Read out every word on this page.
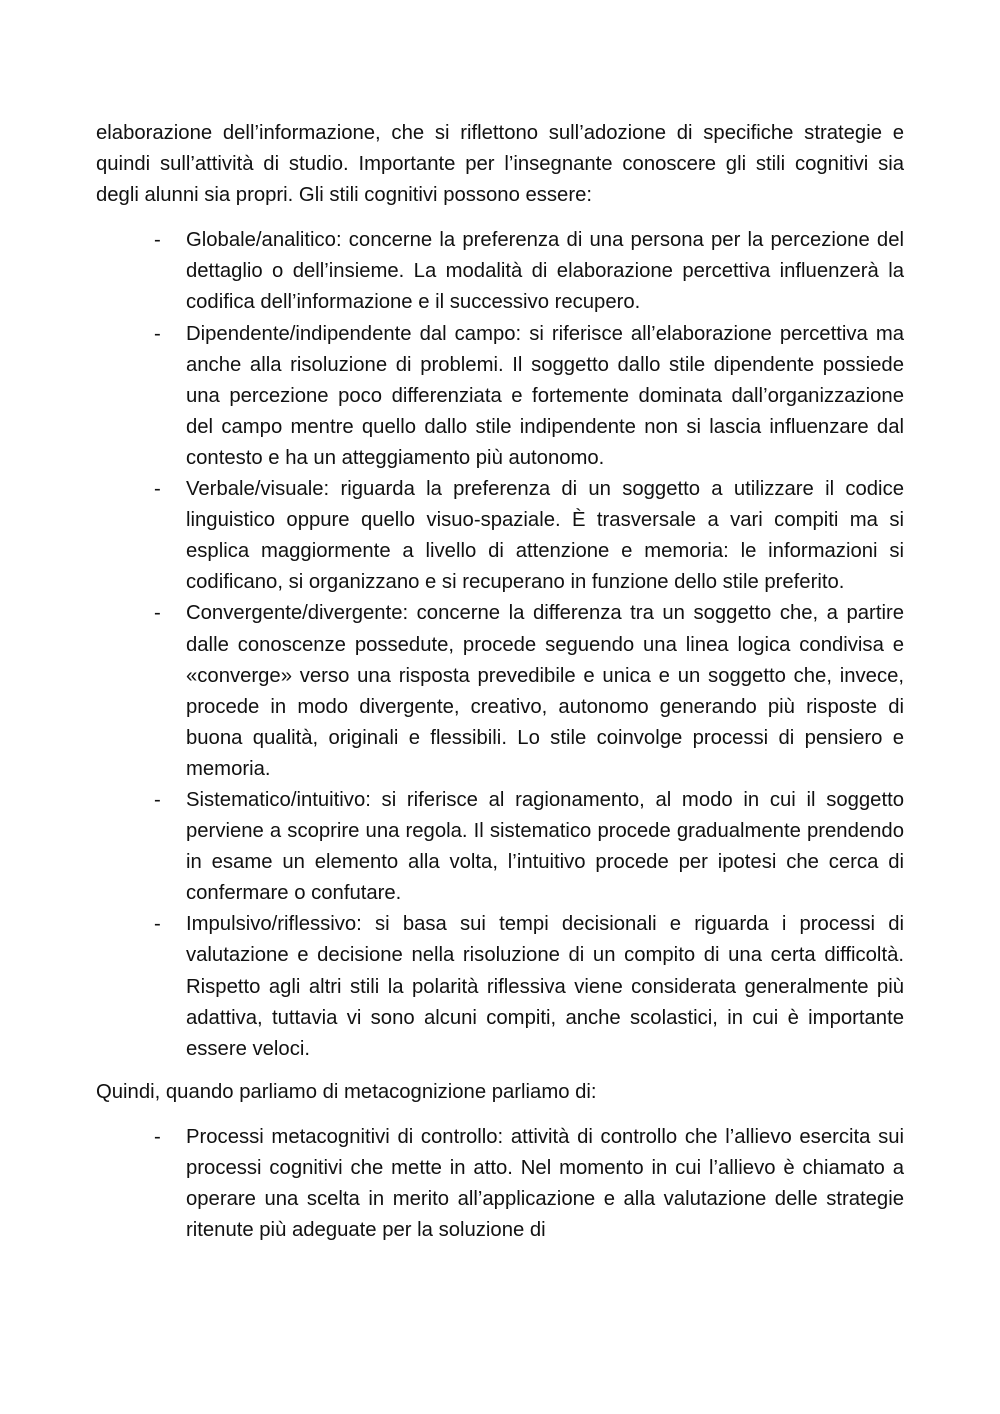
elaborazione dell’informazione, che si riflettono sull’adozione di specifiche strategie e quindi sull’attività di studio. Importante per l’insegnante conoscere gli stili cognitivi sia degli alunni sia propri. Gli stili cognitivi possono essere:

- Globale/analitico: concerne la preferenza di una persona per la percezione del dettaglio o dell’insieme. La modalità di elaborazione percettiva influenzerà la codifica dell’informazione e il successivo recupero.
- Dipendente/indipendente dal campo: si riferisce all’elaborazione percettiva ma anche alla risoluzione di problemi. Il soggetto dallo stile dipendente possiede una percezione poco differenziata e fortemente dominata dall’organizzazione del campo mentre quello dallo stile indipendente non si lascia influenzare dal contesto e ha un atteggiamento più autonomo.
- Verbale/visuale: riguarda la preferenza di un soggetto a utilizzare il codice linguistico oppure quello visuo-spaziale. È trasversale a vari compiti ma si esplica maggiormente a livello di attenzione e memoria: le informazioni si codificano, si organizzano e si recuperano in funzione dello stile preferito.
- Convergente/divergente: concerne la differenza tra un soggetto che, a partire dalle conoscenze possedute, procede seguendo una linea logica condivisa e «converge» verso una risposta prevedibile e unica e un soggetto che, invece, procede in modo divergente, creativo, autonomo generando più risposte di buona qualità, originali e flessibili. Lo stile coinvolge processi di pensiero e memoria.
- Sistematico/intuitivo: si riferisce al ragionamento, al modo in cui il soggetto perviene a scoprire una regola. Il sistematico procede gradualmente prendendo in esame un elemento alla volta, l’intuitivo procede per ipotesi che cerca di confermare o confutare.
- Impulsivo/riflessivo: si basa sui tempi decisionali e riguarda i processi di valutazione e decisione nella risoluzione di un compito di una certa difficoltà. Rispetto agli altri stili la polarità riflessiva viene considerata generalmente più adattiva, tuttavia vi sono alcuni compiti, anche scolastici, in cui è importante essere veloci.

Quindi, quando parliamo di metacognizione parliamo di:

- Processi metacognitivi di controllo: attività di controllo che l’allievo esercita sui processi cognitivi che mette in atto. Nel momento in cui l’allievo è chiamato a operare una scelta in merito all’applicazione e alla valutazione delle strategie ritenute più adeguate per la soluzione di
